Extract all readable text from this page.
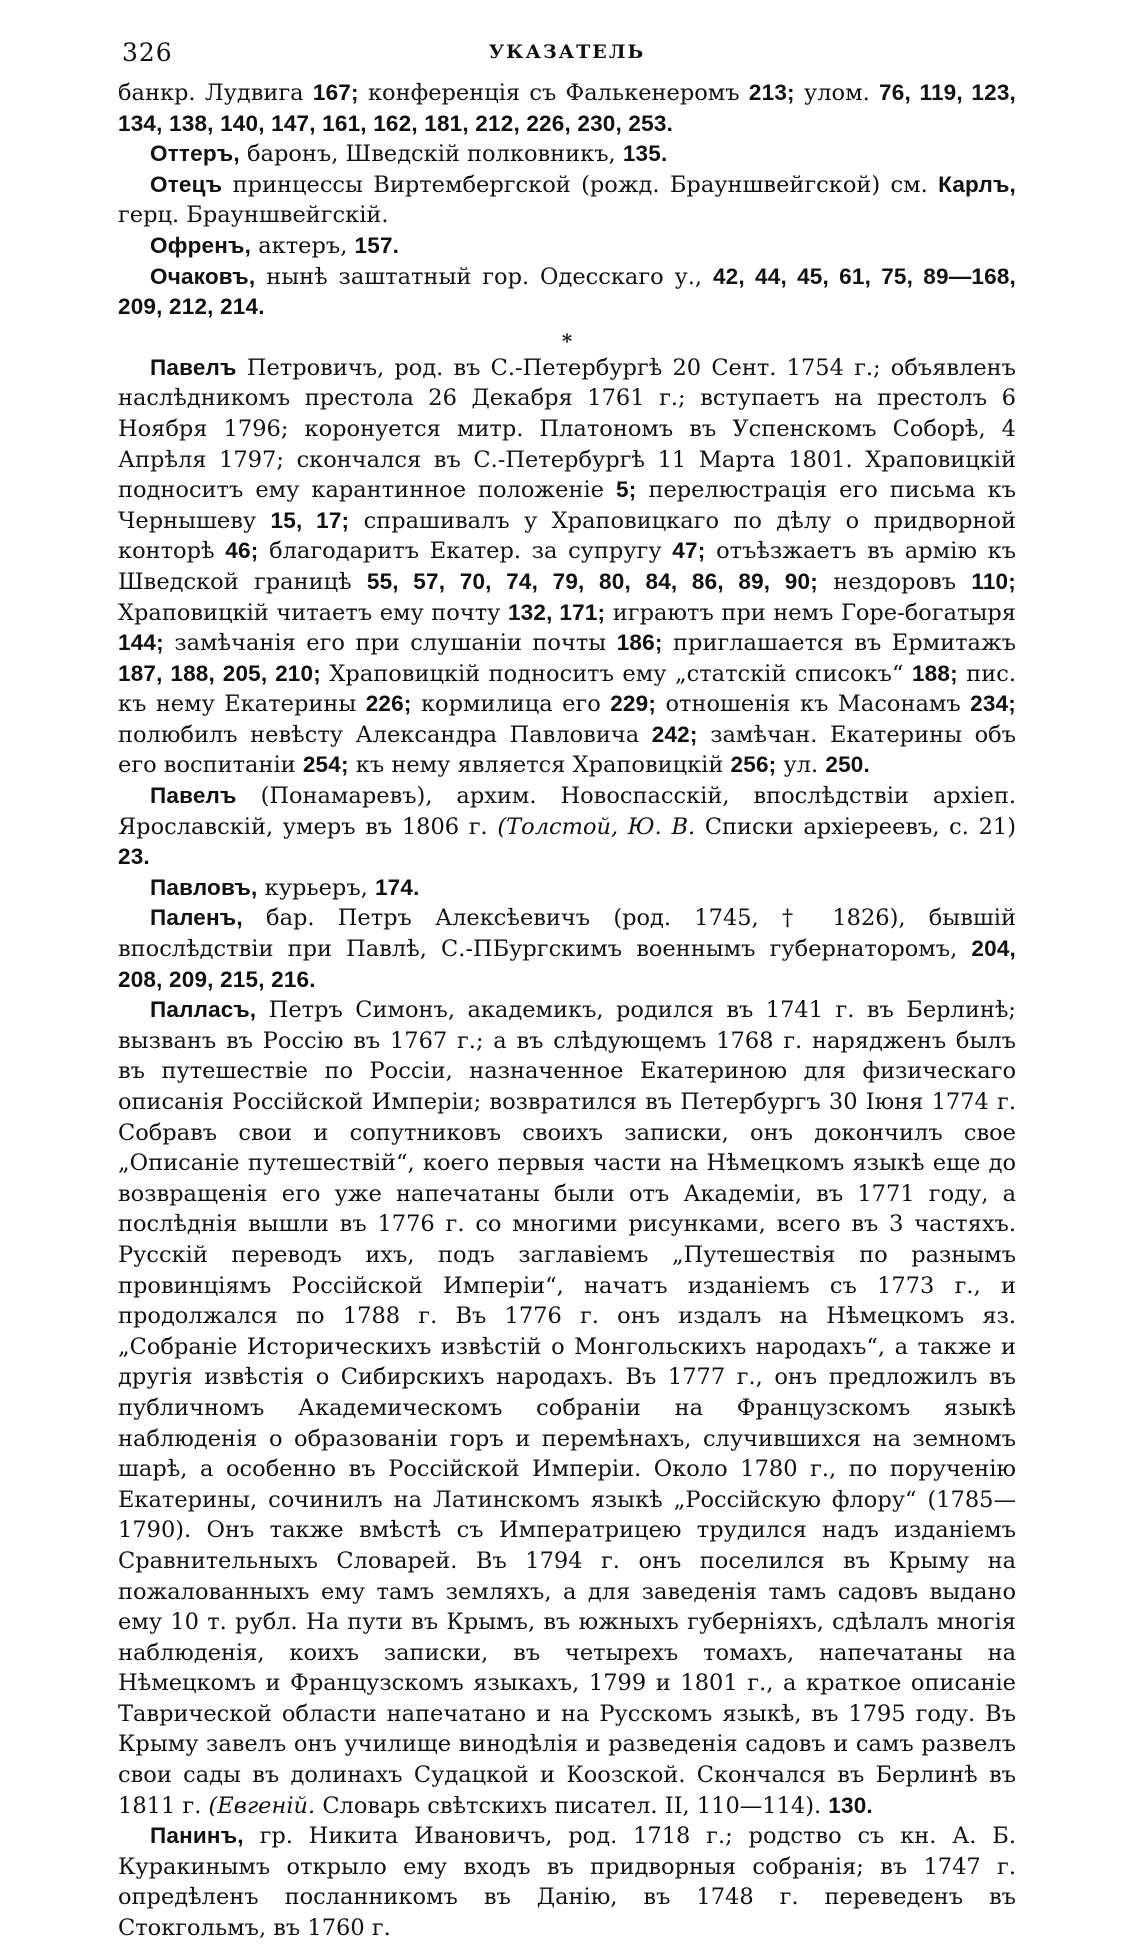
326	УКАЗАТЕЛЬ

банкр. Лудвига 167; конференція съ Фалькенеромъ 213; улом. 76, 119, 123, 134, 138, 140, 147, 161, 162, 181, 212, 226, 230, 253.

Оттеръ, баронъ, Шведскій полковникъ, 135.

Отецъ принцессы Виртембергской (рожд. Брауншвейгской) см. Карлъ, герц. Брауншвейгскій.

Офренъ, актеръ, 157.

Очаковъ, нынѣ заштатный гор. Одесскаго у., 42, 44, 45, 61, 75, 89—168, 209, 212, 214.

*

Павелъ Петровичъ, род. въ С.-Петербургѣ 20 Сент. 1754 г.; объявленъ наслѣдникомъ престола 26 Декабря 1761 г.; вступаетъ на престолъ 6 Ноября 1796; коронуется митр. Платономъ въ Успенскомъ Соборѣ, 4 Апрѣля 1797; скончался въ С.-Петербургѣ 11 Марта 1801. Храповицкій подноситъ ему карантинное положеніе 5; перелюстрація его письма къ Чернышеву 15, 17; спрашивалъ у Храповицкаго по дѣлу о придворной конторѣ 46; благодаритъ Екатер. за супругу 47; отъѣзжаетъ въ армію къ Шведской границѣ 55, 57, 70, 74, 79, 80, 84, 86, 89, 90; нездоровъ 110; Храповицкій читаетъ ему почту 132, 171; играютъ при немъ Горе-богатыря 144; замѣчанія его при слушаніи почты 186; приглашается въ Ермитажъ 187, 188, 205, 210; Храповицкій подноситъ ему „статскій списокъ“ 188; пис. къ нему Екатерины 226; кормилица его 229; отношенія къ Масонамъ 234; полюбилъ невѣсту Александра Павловича 242; замѣчан. Екатерины объ его воспитаніи 254; къ нему является Храповицкій 256; ул. 250.

Павелъ (Понамаревъ), архим. Новоспасскій, впослѣдствіи архіеп. Ярославскій, умеръ въ 1806 г. (Толстой, Ю. В. Списки архіереевъ, с. 21) 23.

Павловъ, курьеръ, 174.

Паленъ, бар. Петръ Алексѣевичъ (род. 1745, † 1826), бывшій впослѣдствіи при Павлѣ, С.-ПБургскимъ военнымъ губернаторомъ, 204, 208, 209, 215, 216.

Палласъ, Петръ Симонъ, академикъ, родился въ 1741 г. въ Берлинѣ; вызванъ въ Россію въ 1767 г.; а въ слѣдующемъ 1768 г. нарядженъ былъ въ путешествіе по Россіи, назначенное Екатериною для физическаго описанія Россійской Имперіи; возвратился въ Петербургъ 30 Іюня 1774 г. Собравъ свои и сопутниковъ своихъ записки, онъ докончилъ свое „Описаніе путешествій“, коего первыя части на Нѣмецкомъ языкѣ еще до возвращенія его уже напечатаны были отъ Академіи, въ 1771 году, а послѣднія вышли въ 1776 г. со многими рисунками, всего въ 3 частяхъ. Русскій переводъ ихъ, подъ заглавіемъ „Путешествія по разнымъ провинціямъ Россійской Имперіи“, начатъ изданіемъ съ 1773 г., и продолжался по 1788 г. Въ 1776 г. онъ издалъ на Нѣмецкомъ яз. „Собраніе Историческихъ извѣстій о Монгольскихъ народахъ“, а также и другія извѣстія о Сибирскихъ народахъ. Въ 1777 г., онъ предложилъ въ публичномъ Академическомъ собраніи на Французскомъ языкѣ наблюденія о образованіи горъ и перемѣнахъ, случившихся на земномъ шарѣ, а особенно въ Россійской Имперіи. Около 1780 г., по порученію Екатерины, сочинилъ на Латинскомъ языкѣ „Россійскую флору“ (1785—1790). Онъ также вмѣстѣ съ Императрицею трудился надъ изданіемъ Сравнительныхъ Словарей. Въ 1794 г. онъ поселился въ Крыму на пожалованныхъ ему тамъ земляхъ, а для заведенія тамъ садовъ выдано ему 10 т. рубл. На пути въ Крымъ, въ южныхъ губерніяхъ, сдѣлалъ многія наблюденія, коихъ записки, въ четырехъ томахъ, напечатаны на Нѣмецкомъ и Французскомъ языкахъ, 1799 и 1801 г., а краткое описаніе Таврической области напечатано и на Русскомъ языкѣ, въ 1795 году. Въ Крыму завелъ онъ училище винодѣлія и разведенія садовъ и самъ развелъ свои сады въ долинахъ Судацкой и Коозской. Скончался въ Берлинѣ въ 1811 г. (Евгеній. Словарь свѣтскихъ писател. II, 110—114). 130.

Панинъ, гр. Никита Ивановичъ, род. 1718 г.; родство съ кн. А. Б. Куракинымъ открыло ему входъ въ придворныя собранія; въ 1747 г. опредѣленъ посланникомъ въ Данію, въ 1748 г. переведенъ въ Стокгольмъ, въ 1760 г.
